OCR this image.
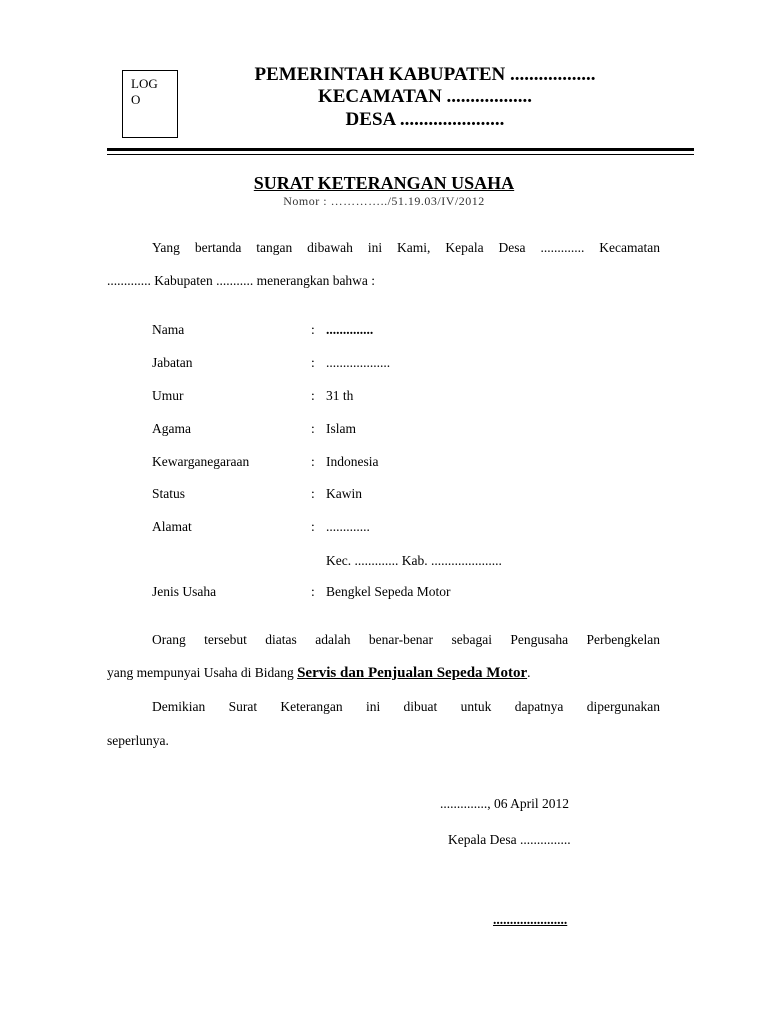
LOG
O
PEMERINTAH KABUPATEN ..................
KECAMATAN ..................
DESA ......................
SURAT KETERANGAN USAHA
Nomor : …………../51.19.03/IV/2012
Yang bertanda tangan dibawah ini Kami, Kepala Desa ............. Kecamatan
............. Kabupaten ........... menerangkan bahwa :
Nama	: ..............
Jabatan	: ...................
Umur	: 31 th
Agama	: Islam
Kewarganegaraan	: Indonesia
Status	: Kawin
Alamat	: .............
Kec. ............. Kab. .....................
Jenis Usaha	: Bengkel Sepeda Motor
Orang tersebut diatas adalah benar-benar sebagai Pengusaha Perbengkelan
yang mempunyai Usaha di Bidang Servis dan Penjualan Sepeda Motor.
Demikian Surat Keterangan ini dibuat untuk dapatnya dipergunakan
seperlunya.
.............., 06 April 2012
Kepala Desa ...............
......................
